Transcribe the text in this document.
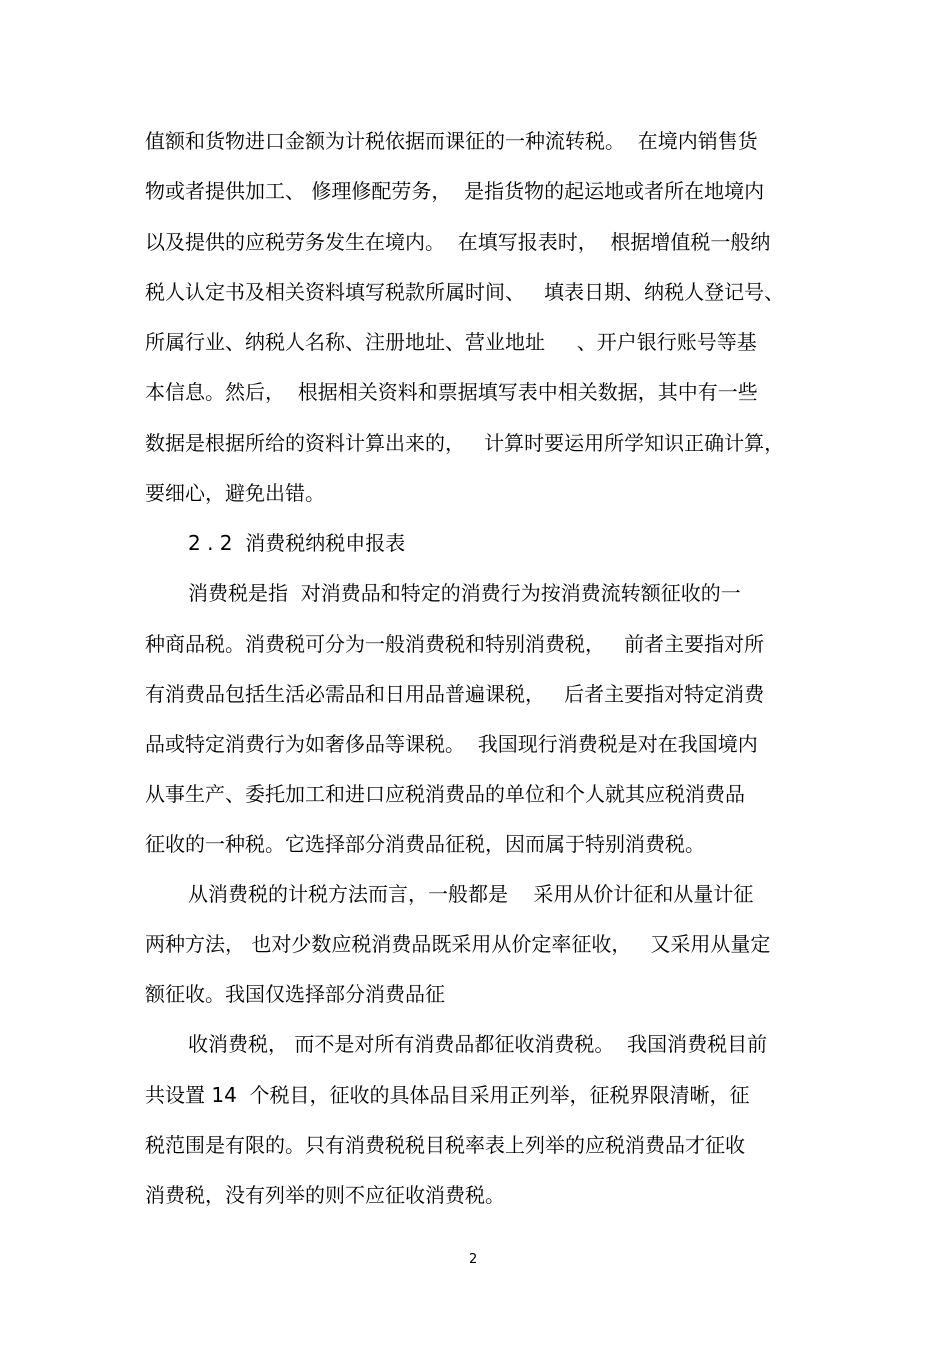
值额和货物进口金额为计税依据而课征的一种流转税。  在境内销售货
物或者提供加工、 修理修配劳务，  是指货物的起运地或者所在地境内
以及提供的应税劳务发生在境内。  在填写报表时，  根据增值税一般纳
税人认定书及相关资料填写税款所属时间、   填表日期、纳税人登记号、
所属行业、纳税人名称、注册地址、营业地址     、开户银行账号等基
本信息。然后，  根据相关资料和票据填写表中相关数据，其中有一些
数据是根据所给的资料计算出来的，   计算时要运用所学知识正确计算，
要细心，避免出错。
2 . 2  消费税纳税申报表
消费税是指  对消费品和特定的消费行为按消费流转额征收的一
种商品税。消费税可分为一般消费税和特别消费税，   前者主要指对所
有消费品包括生活必需品和日用品普遍课税，   后者主要指对特定消费
品或特定消费行为如奢侈品等课税。  我国现行消费税是对在我国境内
从事生产、委托加工和进口应税消费品的单位和个人就其应税消费品
征收的一种税。它选择部分消费品征税，因而属于特别消费税。
从消费税的计税方法而言，一般都是    采用从价计征和从量计征
两种方法， 也对少数应税消费品既采用从价定率征收，   又采用从量定
额征收。我国仅选择部分消费品征
收消费税， 而不是对所有消费品都征收消费税。  我国消费税目前
共设置 14  个税目，征收的具体品目采用正列举，征税界限清晰，征
税范围是有限的。只有消费税税目税率表上列举的应税消费品才征收
消费税，没有列举的则不应征收消费税。
2
